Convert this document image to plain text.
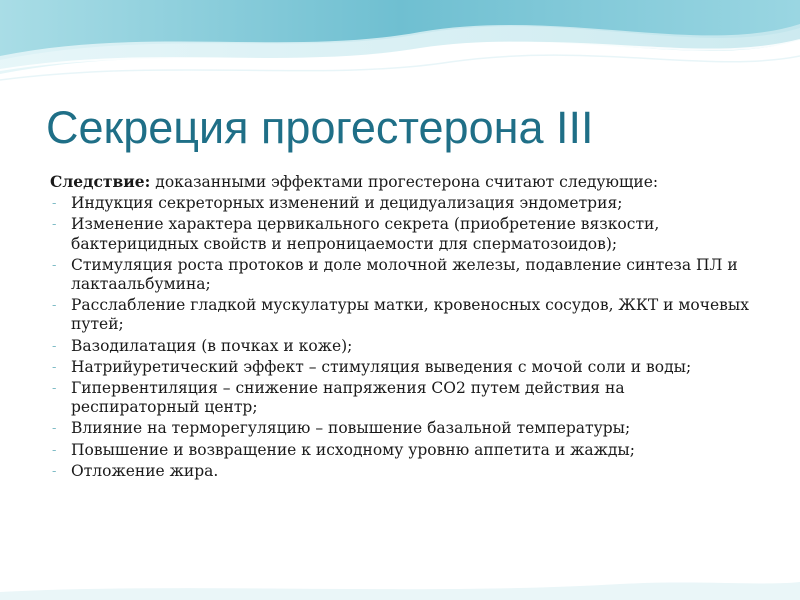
Секреция прогестерона III

Следствие: доказанными эффектами прогестерона считают следующие:

- Индукция секреторных изменений и децидуализация эндометрия;
- Изменение характера цервикального секрета (приобретение вязкости, бактерицидных свойств и непроницаемости для сперматозоидов);
- Стимуляция роста протоков и доле молочной железы, подавление синтеза ПЛ и лактаальбумина;
- Расслабление гладкой мускулатуры матки, кровеносных сосудов, ЖКТ и мочевых путей;
- Вазодилатация (в почках и коже);
- Натрийуретический эффект – стимуляция выведения с мочой соли и воды;
- Гипервентиляция – снижение напряжения СО2 путем действия на респираторный центр;
- Влияние на терморегуляцию – повышение базальной температуры;
- Повышение и возвращение к исходному уровню аппетита и жажды;
- Отложение жира.
